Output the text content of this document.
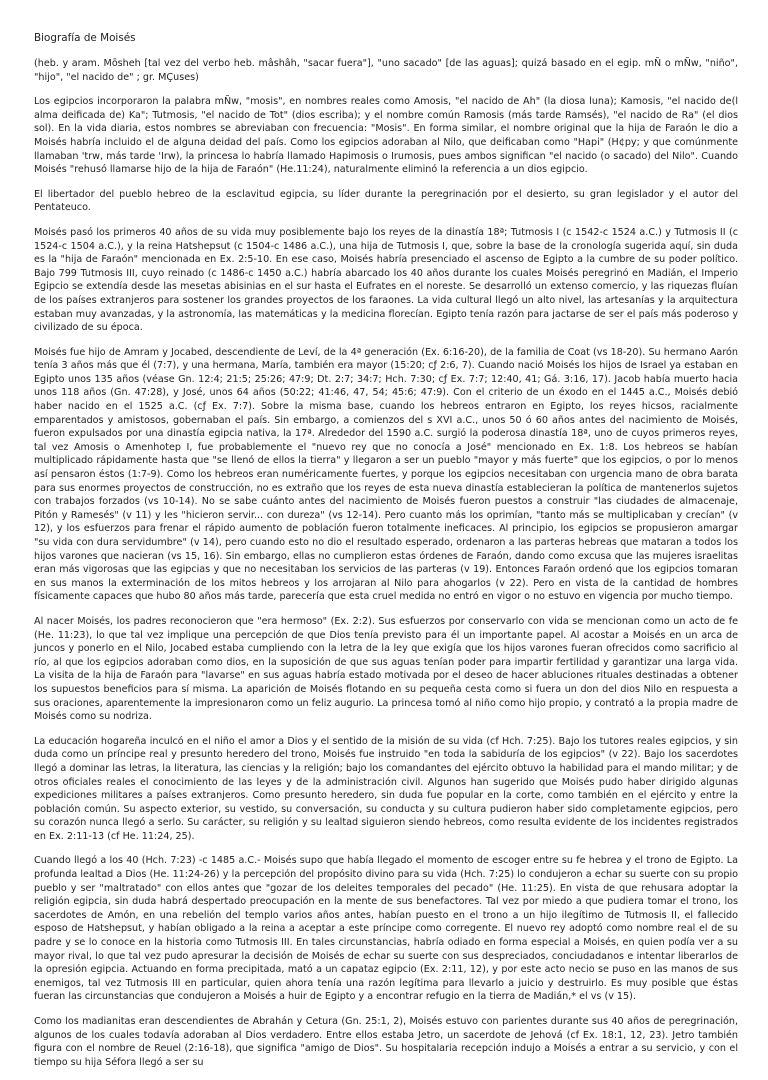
Biografía de Moisés

(heb. y aram. Mōsheh [tal vez del verbo heb. mâshâh, "sacar fuera"], "uno sacado" [de las aguas]; quizá basado en el egip. mÑ o mÑw, "niño", "hijo", "el nacido de" ; gr. MÇuses)

Los egipcios incorporaron la palabra mÑw, "mosis", en nombres reales como Amosis, "el nacido de Ah" (la diosa luna); Kamosis, "el nacido de(l alma deificada de) Ka"; Tutmosis, "el nacido de Tot" (dios escriba); y el nombre común Ramosis (más tarde Ramsés), "el nacido de Ra" (el dios sol). En la vida diaria, estos nombres se abreviaban con frecuencia: "Mosis". En forma similar, el nombre original que la hija de Faraón le dio a Moisés habría incluido el de alguna deidad del país. Como los egipcios adoraban al Nilo, que deificaban como "Hapi" (H¢py; y que comúnmente llamaban 'trw, más tarde 'Irw), la princesa lo habría llamado Hapimosis o Irumosis, pues ambos significan "el nacido (o sacado) del Nilo". Cuando Moisés "rehusó llamarse hijo de la hija de Faraón" (He.11:24), naturalmente eliminó la referencia a un dios egipcio.

El libertador del pueblo hebreo de la esclavitud egipcia, su líder durante la peregrinación por el desierto, su gran legislador y el autor del Pentateuco.

Moisés pasó los primeros 40 años de su vida muy posiblemente bajo los reyes de la dinastía 18ª; Tutmosis I (c 1542-c 1524 a.C.) y Tutmosis II (c 1524-c 1504 a.C.), y la reina Hatshepsut (c 1504-c 1486 a.C.), una hija de Tutmosis I, que, sobre la base de la cronología sugerida aquí, sin duda es la "hija de Faraón" mencionada en Ex. 2:5-10. En ese caso, Moisés habría presenciado el ascenso de Egipto a la cumbre de su poder político. Bajo 799 Tutmosis III, cuyo reinado (c 1486-c 1450 a.C.) habría abarcado los 40 años durante los cuales Moisés peregrinó en Madián, el Imperio Egipcio se extendía desde las mesetas abisinias en el sur hasta el Eufrates en el noreste. Se desarrolló un extenso comercio, y las riquezas fluían de los países extranjeros para sostener los grandes proyectos de los faraones. La vida cultural llegó un alto nivel, las artesanías y la arquitectura estaban muy avanzadas, y la astronomía, las matemáticas y la medicina florecían. Egipto tenía razón para jactarse de ser el país más poderoso y civilizado de su época.

Moisés fue hijo de Amram y Jocabed, descendiente de Leví, de la 4ª generación (Ex. 6:16-20), de la familia de Coat (vs 18-20). Su hermano Aarón tenía 3 años más que él (7:7), y una hermana, María, también era mayor (15:20; cƒ 2:6, 7). Cuando nació Moisés los hijos de Israel ya estaban en Egipto unos 135 años (véase Gn. 12:4; 21:5; 25:26; 47:9; Dt. 2:7; 34:7; Hch. 7:30; cƒ Ex. 7:7; 12:40, 41; Gá. 3:16, 17). Jacob había muerto hacia unos 118 años (Gn. 47:28), y José, unos 64 años (50:22; 41:46, 47, 54; 45:6; 47:9). Con el criterio de un éxodo en el 1445 a.C., Moisés debió haber nacido en el 1525 a.C. (cƒ Ex. 7:7). Sobre la misma base, cuando los hebreos entraron en Egipto, los reyes hicsos, racialmente emparentados y amistosos, gobernaban el país. Sin embargo, a comienzos del s XVI a.C., unos 50 ó 60 años antes del nacimiento de Moisés, fueron expulsados por una dinastía egipcia nativa, la 17ª. Alrededor del 1590 a.C. surgió la poderosa dinastía 18ª, uno de cuyos primeros reyes, tal vez Amosis o Amenhotep I, fue probablemente el "nuevo rey que no conocía a José" mencionado en Ex. 1:8. Los hebreos se habían multiplicado rápidamente hasta que "se llenó de ellos la tierra" y llegaron a ser un pueblo "mayor y más fuerte" que los egipcios, o por lo menos así pensaron éstos (1:7-9). Como los hebreos eran numéricamente fuertes, y porque los egipcios necesitaban con urgencia mano de obra barata para sus enormes proyectos de construcción, no es extraño que los reyes de esta nueva dinastía establecieran la política de mantenerlos sujetos con trabajos forzados (vs 10-14). No se sabe cuánto antes del nacimiento de Moisés fueron puestos a construir "las ciudades de almacenaje, Pitón y Ramesés" (v 11) y les "hicieron servir... con dureza" (vs 12-14). Pero cuanto más los oprimían, "tanto más se multiplicaban y crecían" (v 12), y los esfuerzos para frenar el rápido aumento de población fueron totalmente ineficaces. Al principio, los egipcios se propusieron amargar "su vida con dura servidumbre" (v 14), pero cuando esto no dio el resultado esperado, ordenaron a las parteras hebreas que mataran a todos los hijos varones que nacieran (vs 15, 16). Sin embargo, ellas no cumplieron estas órdenes de Faraón, dando como excusa que las mujeres israelitas eran más vigorosas que las egipcias y que no necesitaban los servicios de las parteras (v 19). Entonces Faraón ordenó que los egipcios tomaran en sus manos la exterminación de los mitos hebreos y los arrojaran al Nilo para ahogarlos (v 22). Pero en vista de la cantidad de hombres físicamente capaces que hubo 80 años más tarde, parecería que esta cruel medida no entró en vigor o no estuvo en vigencia por mucho tiempo.

Al nacer Moisés, los padres reconocieron que "era hermoso" (Ex. 2:2). Sus esfuerzos por conservarlo con vida se mencionan como un acto de fe (He. 11:23), lo que tal vez implique una percepción de que Dios tenía previsto para él un importante papel. Al acostar a Moisés en un arca de juncos y ponerlo en el Nilo, Jocabed estaba cumpliendo con la letra de la ley que exigía que los hijos varones fueran ofrecidos como sacrificio al río, al que los egipcios adoraban como dios, en la suposición de que sus aguas tenían poder para impartir fertilidad y garantizar una larga vida. La visita de la hija de Faraón para "lavarse" en sus aguas habría estado motivada por el deseo de hacer abluciones rituales destinadas a obtener los supuestos beneficios para sí misma. La aparición de Moisés flotando en su pequeña cesta como si fuera un don del dios Nilo en respuesta a sus oraciones, aparentemente la impresionaron como un feliz augurio. La princesa tomó al niño como hijo propio, y contrató a la propia madre de Moisés como su nodriza.

La educación hogareña inculcó en el niño el amor a Dios y el sentido de la misión de su vida (cf Hch. 7:25). Bajo los tutores reales egipcios, y sin duda como un príncipe real y presunto heredero del trono, Moisés fue instruido "en toda la sabiduría de los egipcios" (v 22). Bajo los sacerdotes llegó a dominar las letras, la literatura, las ciencias y la religión; bajo los comandantes del ejército obtuvo la habilidad para el mando militar; y de otros oficiales reales el conocimiento de las leyes y de la administración civil. Algunos han sugerido que Moisés pudo haber dirigido algunas expediciones militares a países extranjeros. Como presunto heredero, sin duda fue popular en la corte, como también en el ejército y entre la población común. Su aspecto exterior, su vestido, su conversación, su conducta y su cultura pudieron haber sido completamente egipcios, pero su corazón nunca llegó a serlo. Su carácter, su religión y su lealtad siguieron siendo hebreos, como resulta evidente de los incidentes registrados en Ex. 2:11-13 (cf He. 11:24, 25).

Cuando llegó a los 40 (Hch. 7:23) -c 1485 a.C.- Moisés supo que había llegado el momento de escoger entre su fe hebrea y el trono de Egipto. La profunda lealtad a Dios (He. 11:24-26) y la percepción del propósito divino para su vida (Hch. 7:25) lo condujeron a echar su suerte con su propio pueblo y ser "maltratado" con ellos antes que "gozar de los deleites temporales del pecado" (He. 11:25). En vista de que rehusara adoptar la religión egipcia, sin duda habrá despertado preocupación en la mente de sus benefactores. Tal vez por miedo a que pudiera tomar el trono, los sacerdotes de Amón, en una rebelión del templo varios años antes, habían puesto en el trono a un hijo ilegítimo de Tutmosis II, el fallecido esposo de Hatshepsut, y habían obligado a la reina a aceptar a este príncipe como corregente. El nuevo rey adoptó como nombre real el de su padre y se lo conoce en la historia como Tutmosis III. En tales circunstancias, habría odiado en forma especial a Moisés, en quien podía ver a su mayor rival, lo que tal vez pudo apresurar la decisión de Moisés de echar su suerte con sus despreciados, conciudadanos e intentar liberarlos de la opresión egipcia. Actuando en forma precipitada, mató a un capataz egipcio (Ex. 2:11, 12), y por este acto necio se puso en las manos de sus enemigos, tal vez Tutmosis III en particular, quien ahora tenía una razón legítima para llevarlo a juicio y destruirlo. Es muy posible que éstas fueran las circunstancias que condujeron a Moisés a huir de Egipto y a encontrar refugio en la tierra de Madián,* el vs (v 15).

Como los madianitas eran descendientes de Abrahán y Cetura (Gn. 25:1, 2), Moisés estuvo con parientes durante sus 40 años de peregrinación, algunos de los cuales todavía adoraban al Dios verdadero. Entre ellos estaba Jetro, un sacerdote de Jehová (cf Ex. 18:1, 12, 23). Jetro también figura con el nombre de Reuel (2:16-18), que significa "amigo de Dios". Su hospitalaria recepción indujo a Moisés a entrar a su servicio, y con el tiempo su hija Séfora llegó a ser su
